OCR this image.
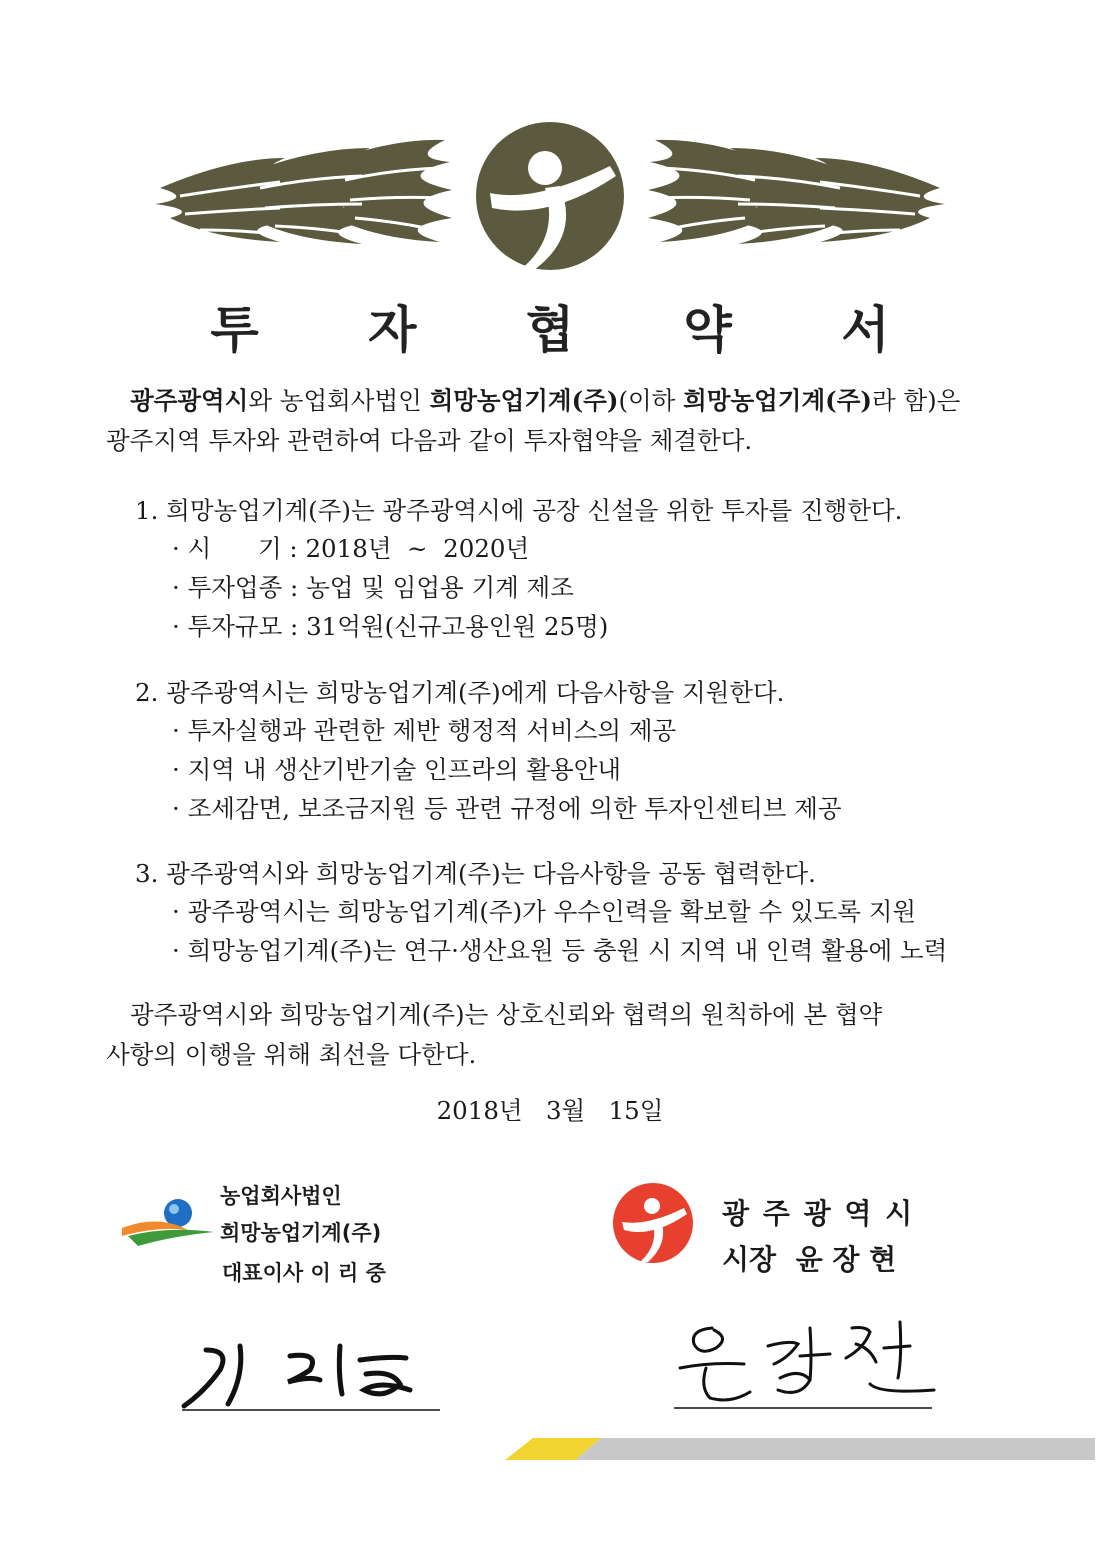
투 자 협 약 서
광주광역시와 농업회사법인 희망농업기계(주)(이하 희망농업기계(주)라 함)은
광주지역 투자와 관련하여 다음과 같이 투자협약을 체결한다.
1. 희망농업기계(주)는 광주광역시에 공장 신설을 위한 투자를 진행한다.
· 시      기 : 2018년  ~  2020년
· 투자업종 : 농업 및 임업용 기계 제조
· 투자규모 : 31억원(신규고용인원 25명)
2. 광주광역시는 희망농업기계(주)에게 다음사항을 지원한다.
· 투자실행과 관련한 제반 행정적 서비스의 제공
· 지역 내 생산기반기술 인프라의 활용안내
· 조세감면, 보조금지원 등 관련 규정에 의한 투자인센티브 제공
3. 광주광역시와 희망농업기계(주)는 다음사항을 공동 협력한다.
· 광주광역시는 희망농업기계(주)가 우수인력을 확보할 수 있도록 지원
· 희망농업기계(주)는 연구·생산요원 등 충원 시 지역 내 인력 활용에 노력
광주광역시와 희망농업기계(주)는 상호신뢰와 협력의 원칙하에 본 협약
사항의 이행을 위해 최선을 다한다.
2018년   3월   15일
농업회사법인
희망농업기계(주)
대표이사 이 리 중
광 주 광 역 시
시장  윤 장 현
